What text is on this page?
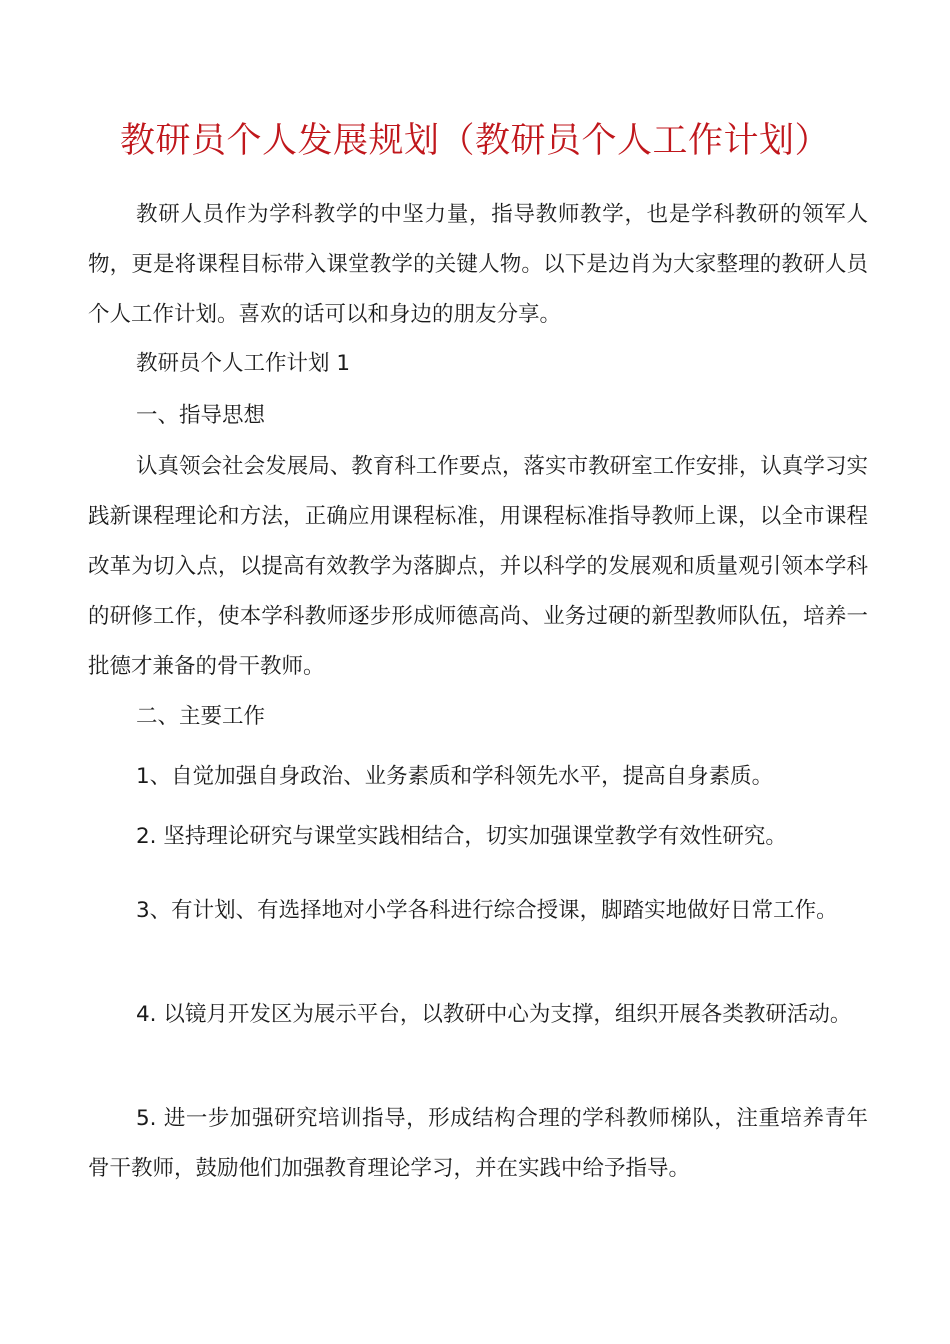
教研员个人发展规划（教研员个人工作计划）

教研人员作为学科教学的中坚力量，指导教师教学，也是学科教研的领军人物，更是将课程目标带入课堂教学的关键人物。以下是边肖为大家整理的教研人员个人工作计划。喜欢的话可以和身边的朋友分享。

教研员个人工作计划 1

一、指导思想

认真领会社会发展局、教育科工作要点，落实市教研室工作安排，认真学习实践新课程理论和方法，正确应用课程标准，用课程标准指导教师上课，以全市课程改革为切入点，以提高有效教学为落脚点，并以科学的发展观和质量观引领本学科的研修工作，使本学科教师逐步形成师德高尚、业务过硬的新型教师队伍，培养一批德才兼备的骨干教师。

二、主要工作

1、自觉加强自身政治、业务素质和学科领先水平，提高自身素质。

2. 坚持理论研究与课堂实践相结合，切实加强课堂教学有效性研究。

3、有计划、有选择地对小学各科进行综合授课，脚踏实地做好日常工作。

4. 以镜月开发区为展示平台，以教研中心为支撑，组织开展各类教研活动。

5. 进一步加强研究培训指导，形成结构合理的学科教师梯队，注重培养青年骨干教师，鼓励他们加强教育理论学习，并在实践中给予指导。
